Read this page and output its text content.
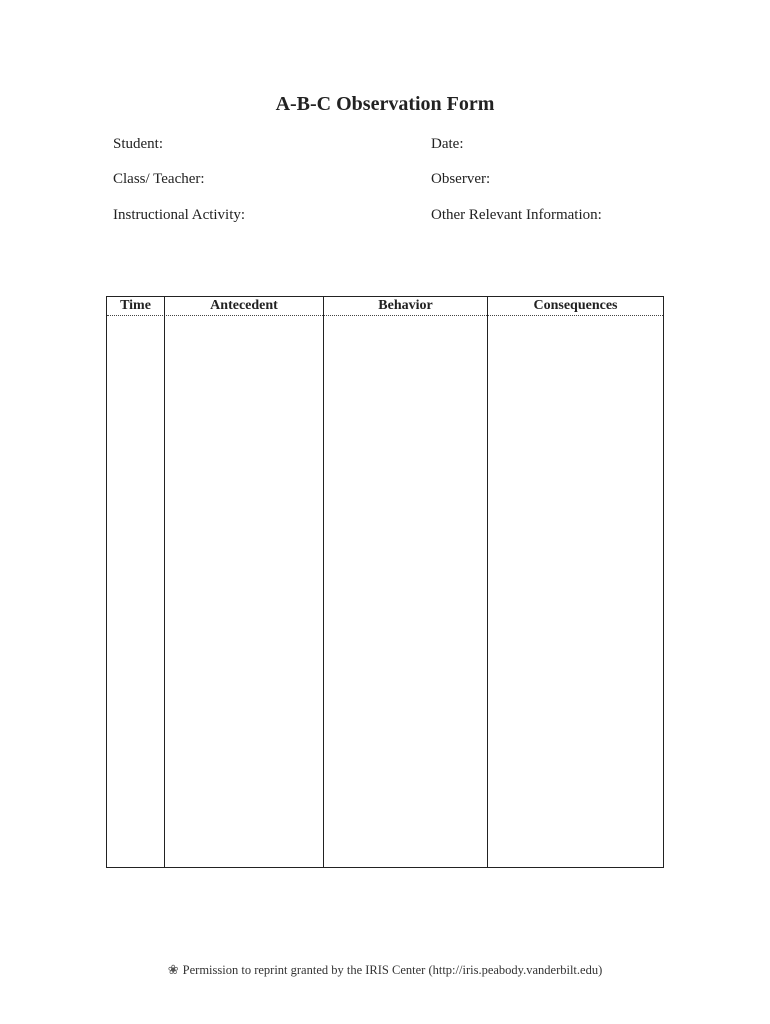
A-B-C Observation Form
Student:	Date:
Class/ Teacher:	Observer:
Instructional Activity:	Other Relevant Information:
Time	Antecedent	Behavior	Consequences
❀ Permission to reprint granted by the IRIS Center (http://iris.peabody.vanderbilt.edu)
